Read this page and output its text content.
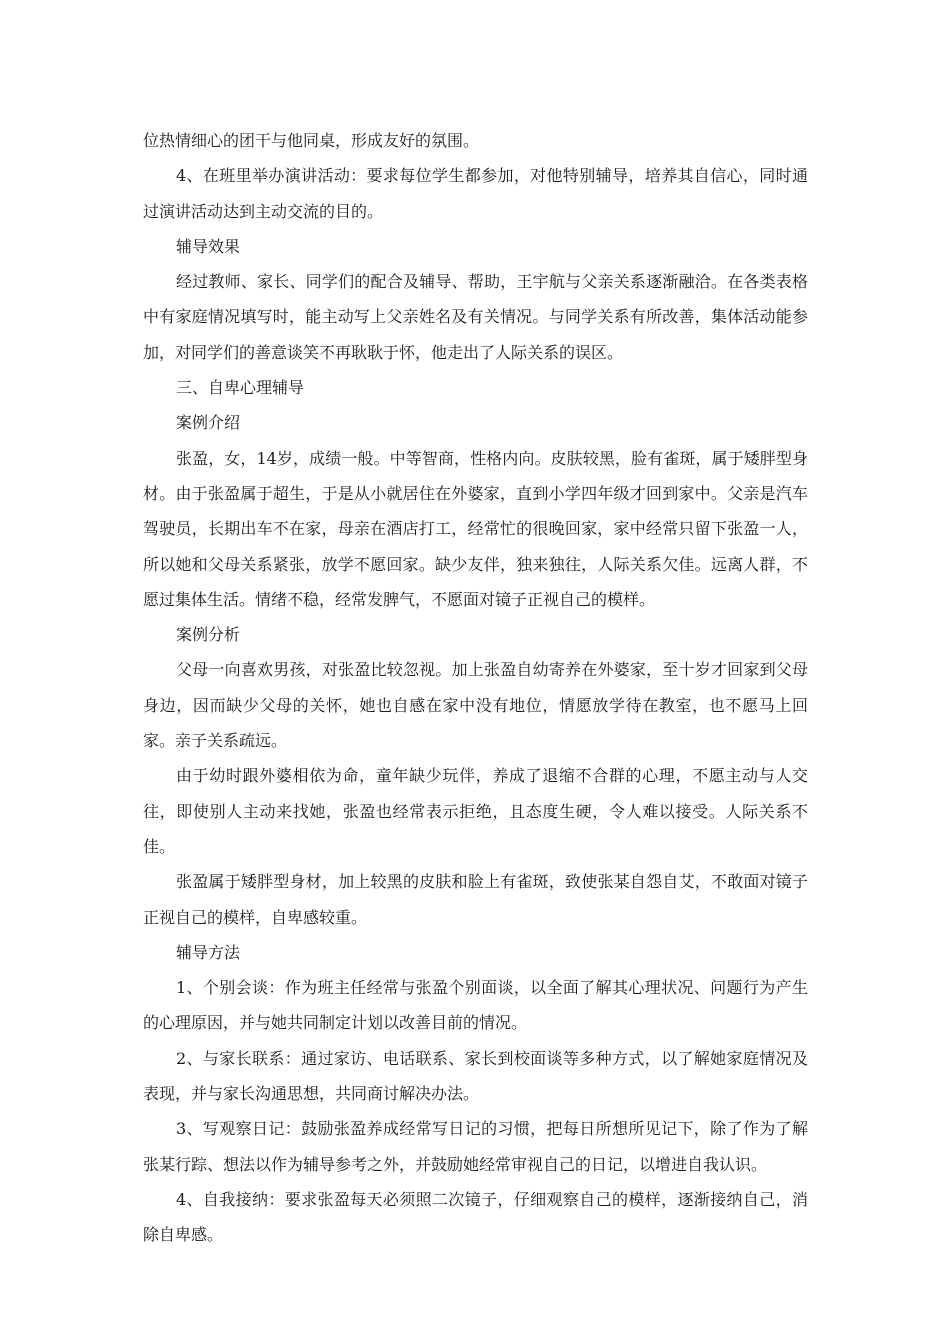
位热情细心的团干与他同桌，形成友好的氛围。

4、在班里举办演讲活动：要求每位学生都参加，对他特别辅导，培养其自信心，同时通过演讲活动达到主动交流的目的。

辅导效果

经过教师、家长、同学们的配合及辅导、帮助，王宇航与父亲关系逐渐融洽。在各类表格中有家庭情况填写时，能主动写上父亲姓名及有关情况。与同学关系有所改善，集体活动能参加，对同学们的善意谈笑不再耿耿于怀，他走出了人际关系的误区。

三、自卑心理辅导

案例介绍

张盈，女，14岁，成绩一般。中等智商，性格内向。皮肤较黑，脸有雀斑，属于矮胖型身材。由于张盈属于超生，于是从小就居住在外婆家，直到小学四年级才回到家中。父亲是汽车驾驶员，长期出车不在家，母亲在酒店打工，经常忙的很晚回家，家中经常只留下张盈一人，所以她和父母关系紧张，放学不愿回家。缺少友伴，独来独往，人际关系欠佳。远离人群，不愿过集体生活。情绪不稳，经常发脾气，不愿面对镜子正视自己的模样。

案例分析

父母一向喜欢男孩，对张盈比较忽视。加上张盈自幼寄养在外婆家，至十岁才回家到父母身边，因而缺少父母的关怀，她也自感在家中没有地位，情愿放学待在教室，也不愿马上回家。亲子关系疏远。

由于幼时跟外婆相依为命，童年缺少玩伴，养成了退缩不合群的心理，不愿主动与人交往，即使别人主动来找她，张盈也经常表示拒绝，且态度生硬，令人难以接受。人际关系不佳。

张盈属于矮胖型身材，加上较黑的皮肤和脸上有雀斑，致使张某自怨自艾，不敢面对镜子正视自己的模样，自卑感较重。

辅导方法

1、个别会谈：作为班主任经常与张盈个别面谈，以全面了解其心理状况、问题行为产生的心理原因，并与她共同制定计划以改善目前的情况。

2、与家长联系：通过家访、电话联系、家长到校面谈等多种方式，以了解她家庭情况及表现，并与家长沟通思想，共同商讨解决办法。

3、写观察日记：鼓励张盈养成经常写日记的习惯，把每日所想所见记下，除了作为了解张某行踪、想法以作为辅导参考之外，并鼓励她经常审视自己的日记，以增进自我认识。

4、自我接纳：要求张盈每天必须照二次镜子，仔细观察自己的模样，逐渐接纳自己，消除自卑感。
